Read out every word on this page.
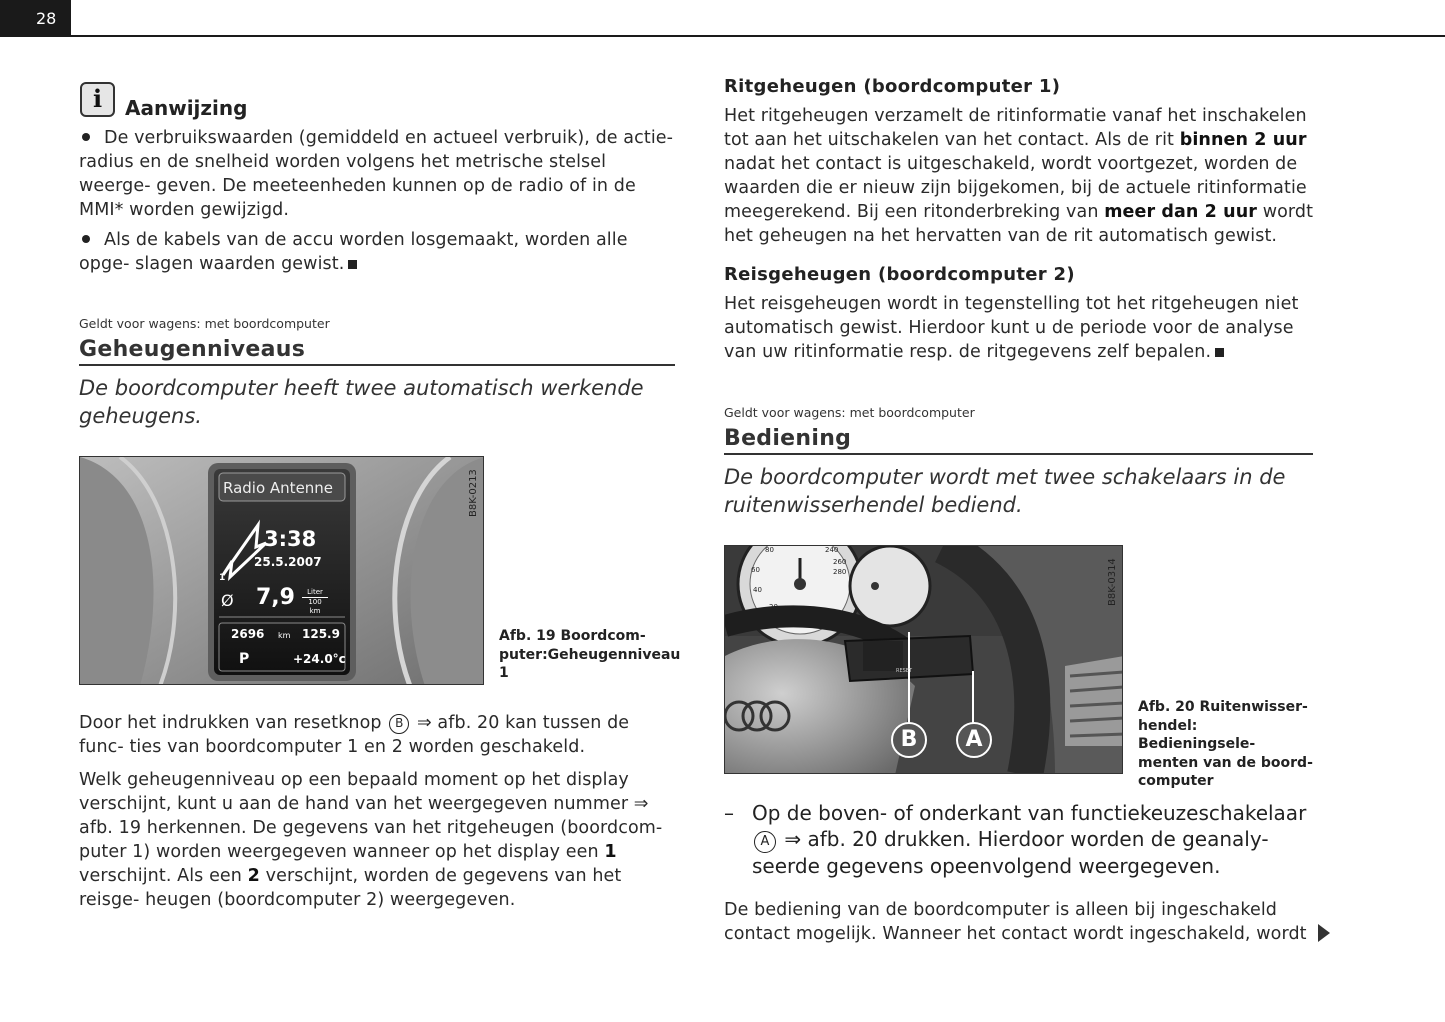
28
i	Aanwijzing
De verbruikswaarden (gemiddeld en actueel verbruik), de actie- radius en de snelheid worden volgens het metrische stelsel weerge- geven. De meeteenheden kunnen op de radio of in de MMI* worden gewijzigd.
Als de kabels van de accu worden losgemaakt, worden alle opge- slagen waarden gewist.
Geldt voor wagens: met boordcomputer
Geheugenniveaus
De boordcomputer heeft twee automatisch werkende geheugens.
Radio Antenne
3:38
25.5.2007
1
Ø 7,9	Liter
100 km
2696 km 125.9
P	+24.0°c
B8K-0213
Afb. 19 Boordcom- puter:Geheugenniveau 1
Door het indrukken van resetknop B ⇒ afb. 20 kan tussen de func- ties van boordcomputer 1 en 2 worden geschakeld.
Welk geheugenniveau op een bepaald moment op het display verschijnt, kunt u aan de hand van het weergegeven nummer ⇒ afb. 19 herkennen. De gegevens van het ritgeheugen (boordcom- puter 1) worden weergegeven wanneer op het display een 1 verschijnt. Als een 2 verschijnt, worden de gegevens van het reisge- heugen (boordcomputer 2) weergegeven.
Ritgeheugen (boordcomputer 1)
Het ritgeheugen verzamelt de ritinformatie vanaf het inschakelen tot aan het uitschakelen van het contact. Als de rit binnen 2 uur nadat het contact is uitgeschakeld, wordt voortgezet, worden de waarden die er nieuw zijn bijgekomen, bij de actuele ritinformatie meegerekend. Bij een ritonderbreking van meer dan 2 uur wordt het geheugen na het hervatten van de rit automatisch gewist.
Reisgeheugen (boordcomputer 2)
Het reisgeheugen wordt in tegenstelling tot het ritgeheugen niet automatisch gewist. Hierdoor kunt u de periode voor de analyse van uw ritinformatie resp. de ritgegevens zelf bepalen.
Geldt voor wagens: met boordcomputer
Bediening
De boordcomputer wordt met twee schakelaars in de ruitenwisserhendel bediend.
80
60
40
20
240
260
280
RESET
B	A
B8K-0314
Afb. 20 Ruitenwisser- hendel: Bedieningsele- menten van de boord- computer
– Op de boven- of onderkant van functiekeuzeschakelaar A ⇒ afb. 20 drukken. Hierdoor worden de geanaly- seerde gegevens opeenvolgend weergegeven.
De bediening van de boordcomputer is alleen bij ingeschakeld contact mogelijk. Wanneer het contact wordt ingeschakeld, wordt
